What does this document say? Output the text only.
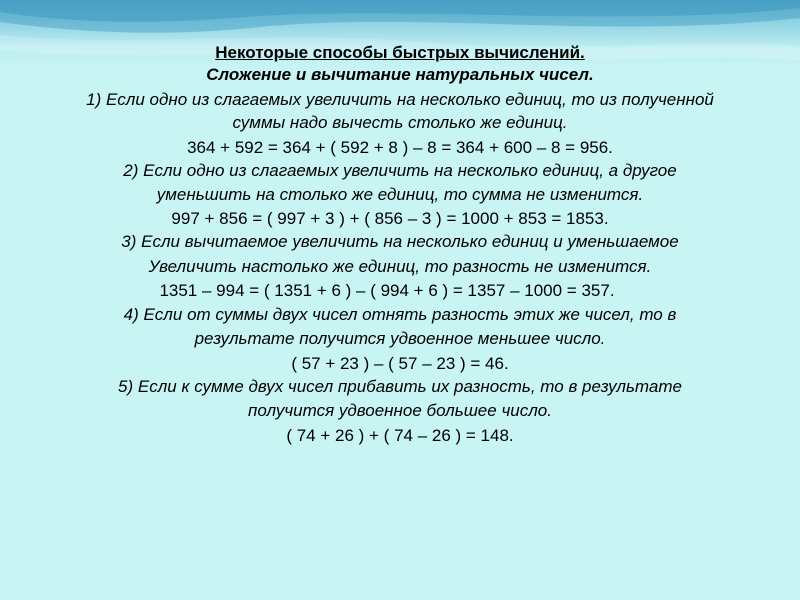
Некоторые способы быстрых вычислений.
Сложение и вычитание натуральных чисел.
1) Если одно из слагаемых увеличить на несколько единиц, то из полученной
суммы надо вычесть столько же единиц.
364 + 592 = 364 + ( 592 + 8 ) – 8 = 364 + 600 – 8 = 956.
2) Если одно из слагаемых увеличить на несколько единиц, а другое
уменьшить на столько же единиц, то сумма не изменится.
997 + 856 = ( 997 + 3 ) + ( 856 – 3 ) = 1000 + 853 = 1853.
3) Если вычитаемое увеличить на несколько единиц и уменьшаемое
Увеличить настолько же единиц, то разность не изменится.
1351 – 994 = ( 1351 + 6 ) – ( 994 + 6 ) = 1357 – 1000 = 357.
4) Если от суммы двух чисел отнять разность этих же чисел, то в
результате получится удвоенное меньшее число.
( 57 + 23 ) – ( 57 – 23 ) = 46.
5) Если к сумме двух чисел прибавить их разность, то в результате
получится удвоенное большее число.
( 74 + 26 ) + ( 74 – 26 ) = 148.
